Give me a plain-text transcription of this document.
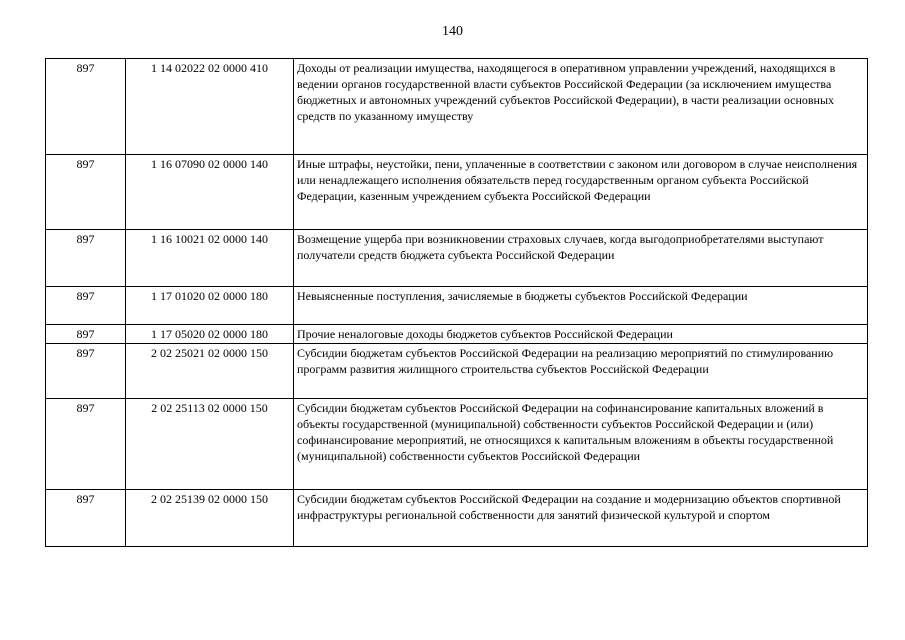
140
897	1 14 02022 02 0000 410	Доходы от реализации имущества, находящегося в оперативном управлении учреждений, находящихся в ведении органов государственной власти субъектов Российской Федерации (за исключением имущества бюджетных и автономных учреждений субъектов Российской Федерации), в части реализации основных средств по указанному имуществу
897	1 16 07090 02 0000 140	Иные штрафы, неустойки, пени, уплаченные в соответствии с законом или договором в случае неисполнения или ненадлежащего исполнения обязательств перед государственным органом субъекта Российской Федерации, казенным учреждением субъекта Российской Федерации
897	1 16 10021 02 0000 140	Возмещение ущерба при возникновении страховых случаев, когда выгодоприобретателями выступают получатели средств бюджета субъекта Российской Федерации
897	1 17 01020 02 0000 180	Невыясненные поступления, зачисляемые в бюджеты субъектов Российской Федерации
897	1 17 05020 02 0000 180	Прочие неналоговые доходы бюджетов субъектов Российской Федерации
897	2 02 25021 02 0000 150	Субсидии бюджетам субъектов Российской Федерации на реализацию мероприятий по стимулированию программ развития жилищного строительства субъектов Российской Федерации
897	2 02 25113 02 0000 150	Субсидии бюджетам субъектов Российской Федерации на софинансирование капитальных вложений в объекты государственной (муниципальной) собственности субъектов Российской Федерации и (или) софинансирование мероприятий, не относящихся к капитальным вложениям в объекты государственной (муниципальной) собственности субъектов Российской Федерации
897	2 02 25139 02 0000 150	Субсидии бюджетам субъектов Российской Федерации на создание и модернизацию объектов спортивной инфраструктуры региональной собственности для занятий физической культурой и спортом
